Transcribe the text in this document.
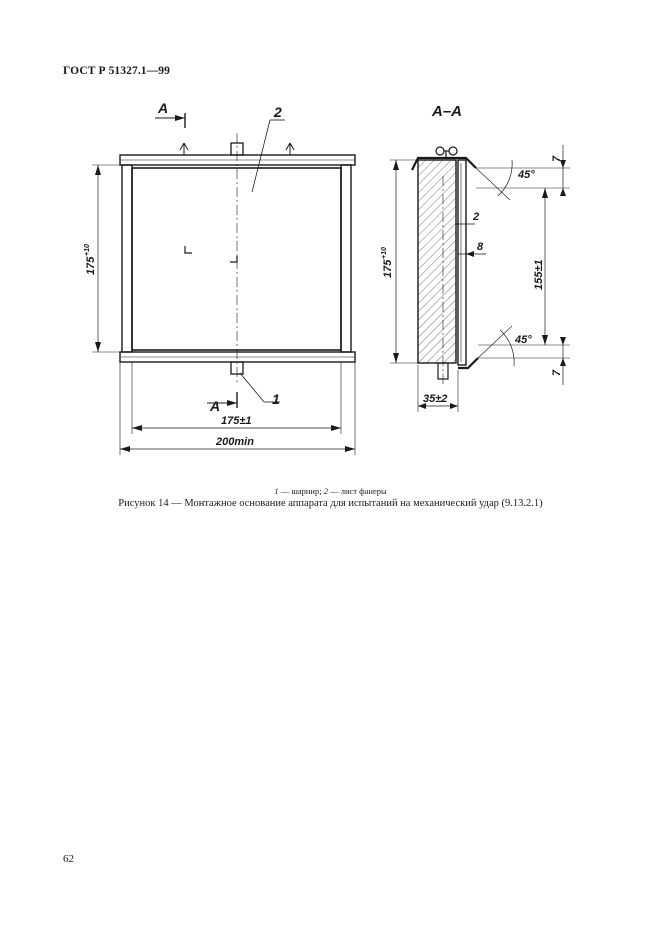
ГОСТ Р 51327.1—99
А
А
2
1
175
+10
175±1
200min
А–А
175
+10
35±2
2
8
155±1
7
7
45°
45°
1 — шарнир; 2 — лист фанеры
Рисунок 14 — Монтажное основание аппарата для испытаний на механический удар (9.13.2.1)
62
